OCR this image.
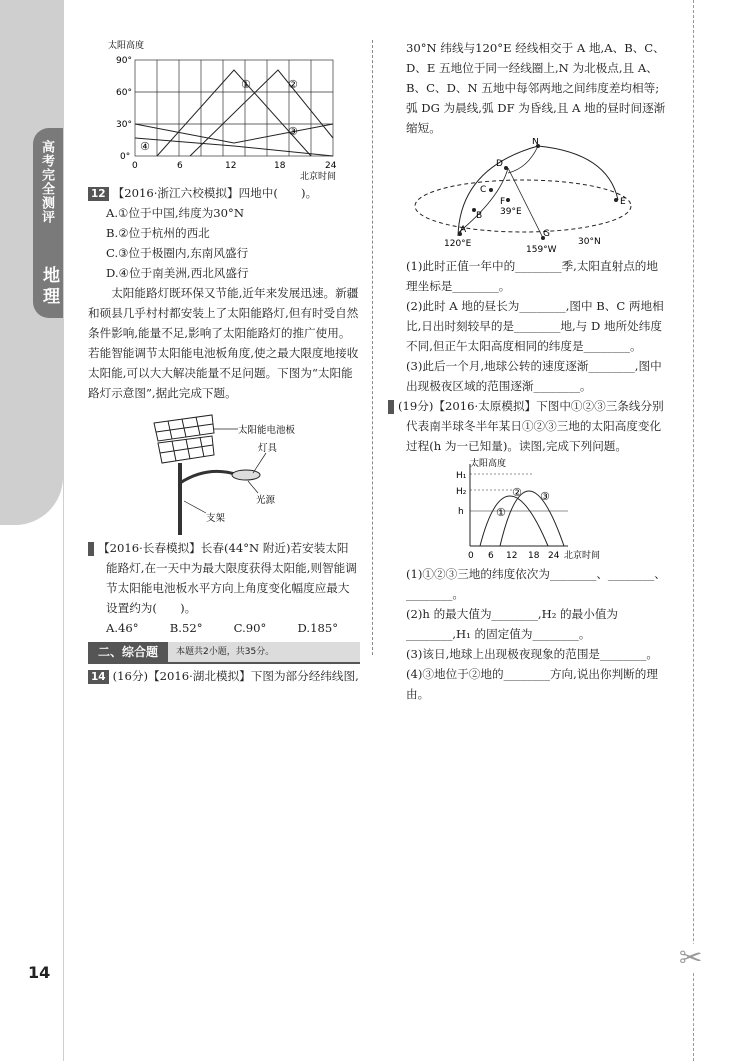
高考完全测评
地理
✂
14
太阳高度
90°
60°
30°
0°
0	6	12	18	24
北京时间
①	②
③
④

12 【2016·浙江六校模拟】四地中(　　)。

A.①位于中国,纬度为30°N

B.②位于杭州的西北

C.③位于极圈内,东南风盛行

D.④位于南美洲,西北风盛行

太阳能路灯既环保又节能,近年来发展迅速。新疆和硕县几乎村村都安装上了太阳能路灯,但有时受自然条件影响,能量不足,影响了太阳能路灯的推广使用。若能智能调节太阳能电池板角度,使之最大限度地接收太阳能,可以大大解决能量不足问题。下图为“太阳能路灯示意图”,据此完成下题。

太阳能电池板
灯具
光源
支架

13 【2016·长春模拟】长春(44°N 附近)若安装太阳能路灯,在一天中为最大限度获得太阳能,则智能调节太阳能电池板水平方向上角度变化幅度应最大设置约为(　　)。

A.46°	B.52°	C.90°	D.185°
二、综合题	本题共2小题，共35分。

14 (16分)【2016·湖北模拟】下图为部分经纬线图,

30°N 纬线与120°E 经线相交于 A 地,A、B、C、D、E 五地位于同一经线圈上,N 为北极点,且 A、B、C、D、N 五地中每邻两地之间纬度差均相等;弧 DG 为晨线,弧 DF 为昏线,且 A 地的昼时间逐渐缩短。

N
D
C
F
B
A
E
G
39°E
30°N
120°E
159°W

(1)此时正值一年中的________季,太阳直射点的地理坐标是________。

(2)此时 A 地的昼长为________,图中 B、C 两地相比,日出时刻较早的是________地,与 D 地所处纬度不同,但正午太阳高度相同的纬度是________。

(3)此后一个月,地球公转的速度逐渐________,图中出现极夜区域的范围逐渐________。

15 (19分)【2016·太原模拟】下图中①②③三条线分别代表南半球冬半年某日①②③三地的太阳高度变化过程(h 为一已知量)。读图,完成下列问题。

太阳高度
H₁
H₂
h	①
② ③
0 6 12 18 24 北京时间

(1)①②③三地的纬度依次为________、________、________。

(2)h 的最大值为________,H₂ 的最小值为________,H₁ 的固定值为________。

(3)该日,地球上出现极夜现象的范围是________。

(4)③地位于②地的________方向,说出你判断的理由。
